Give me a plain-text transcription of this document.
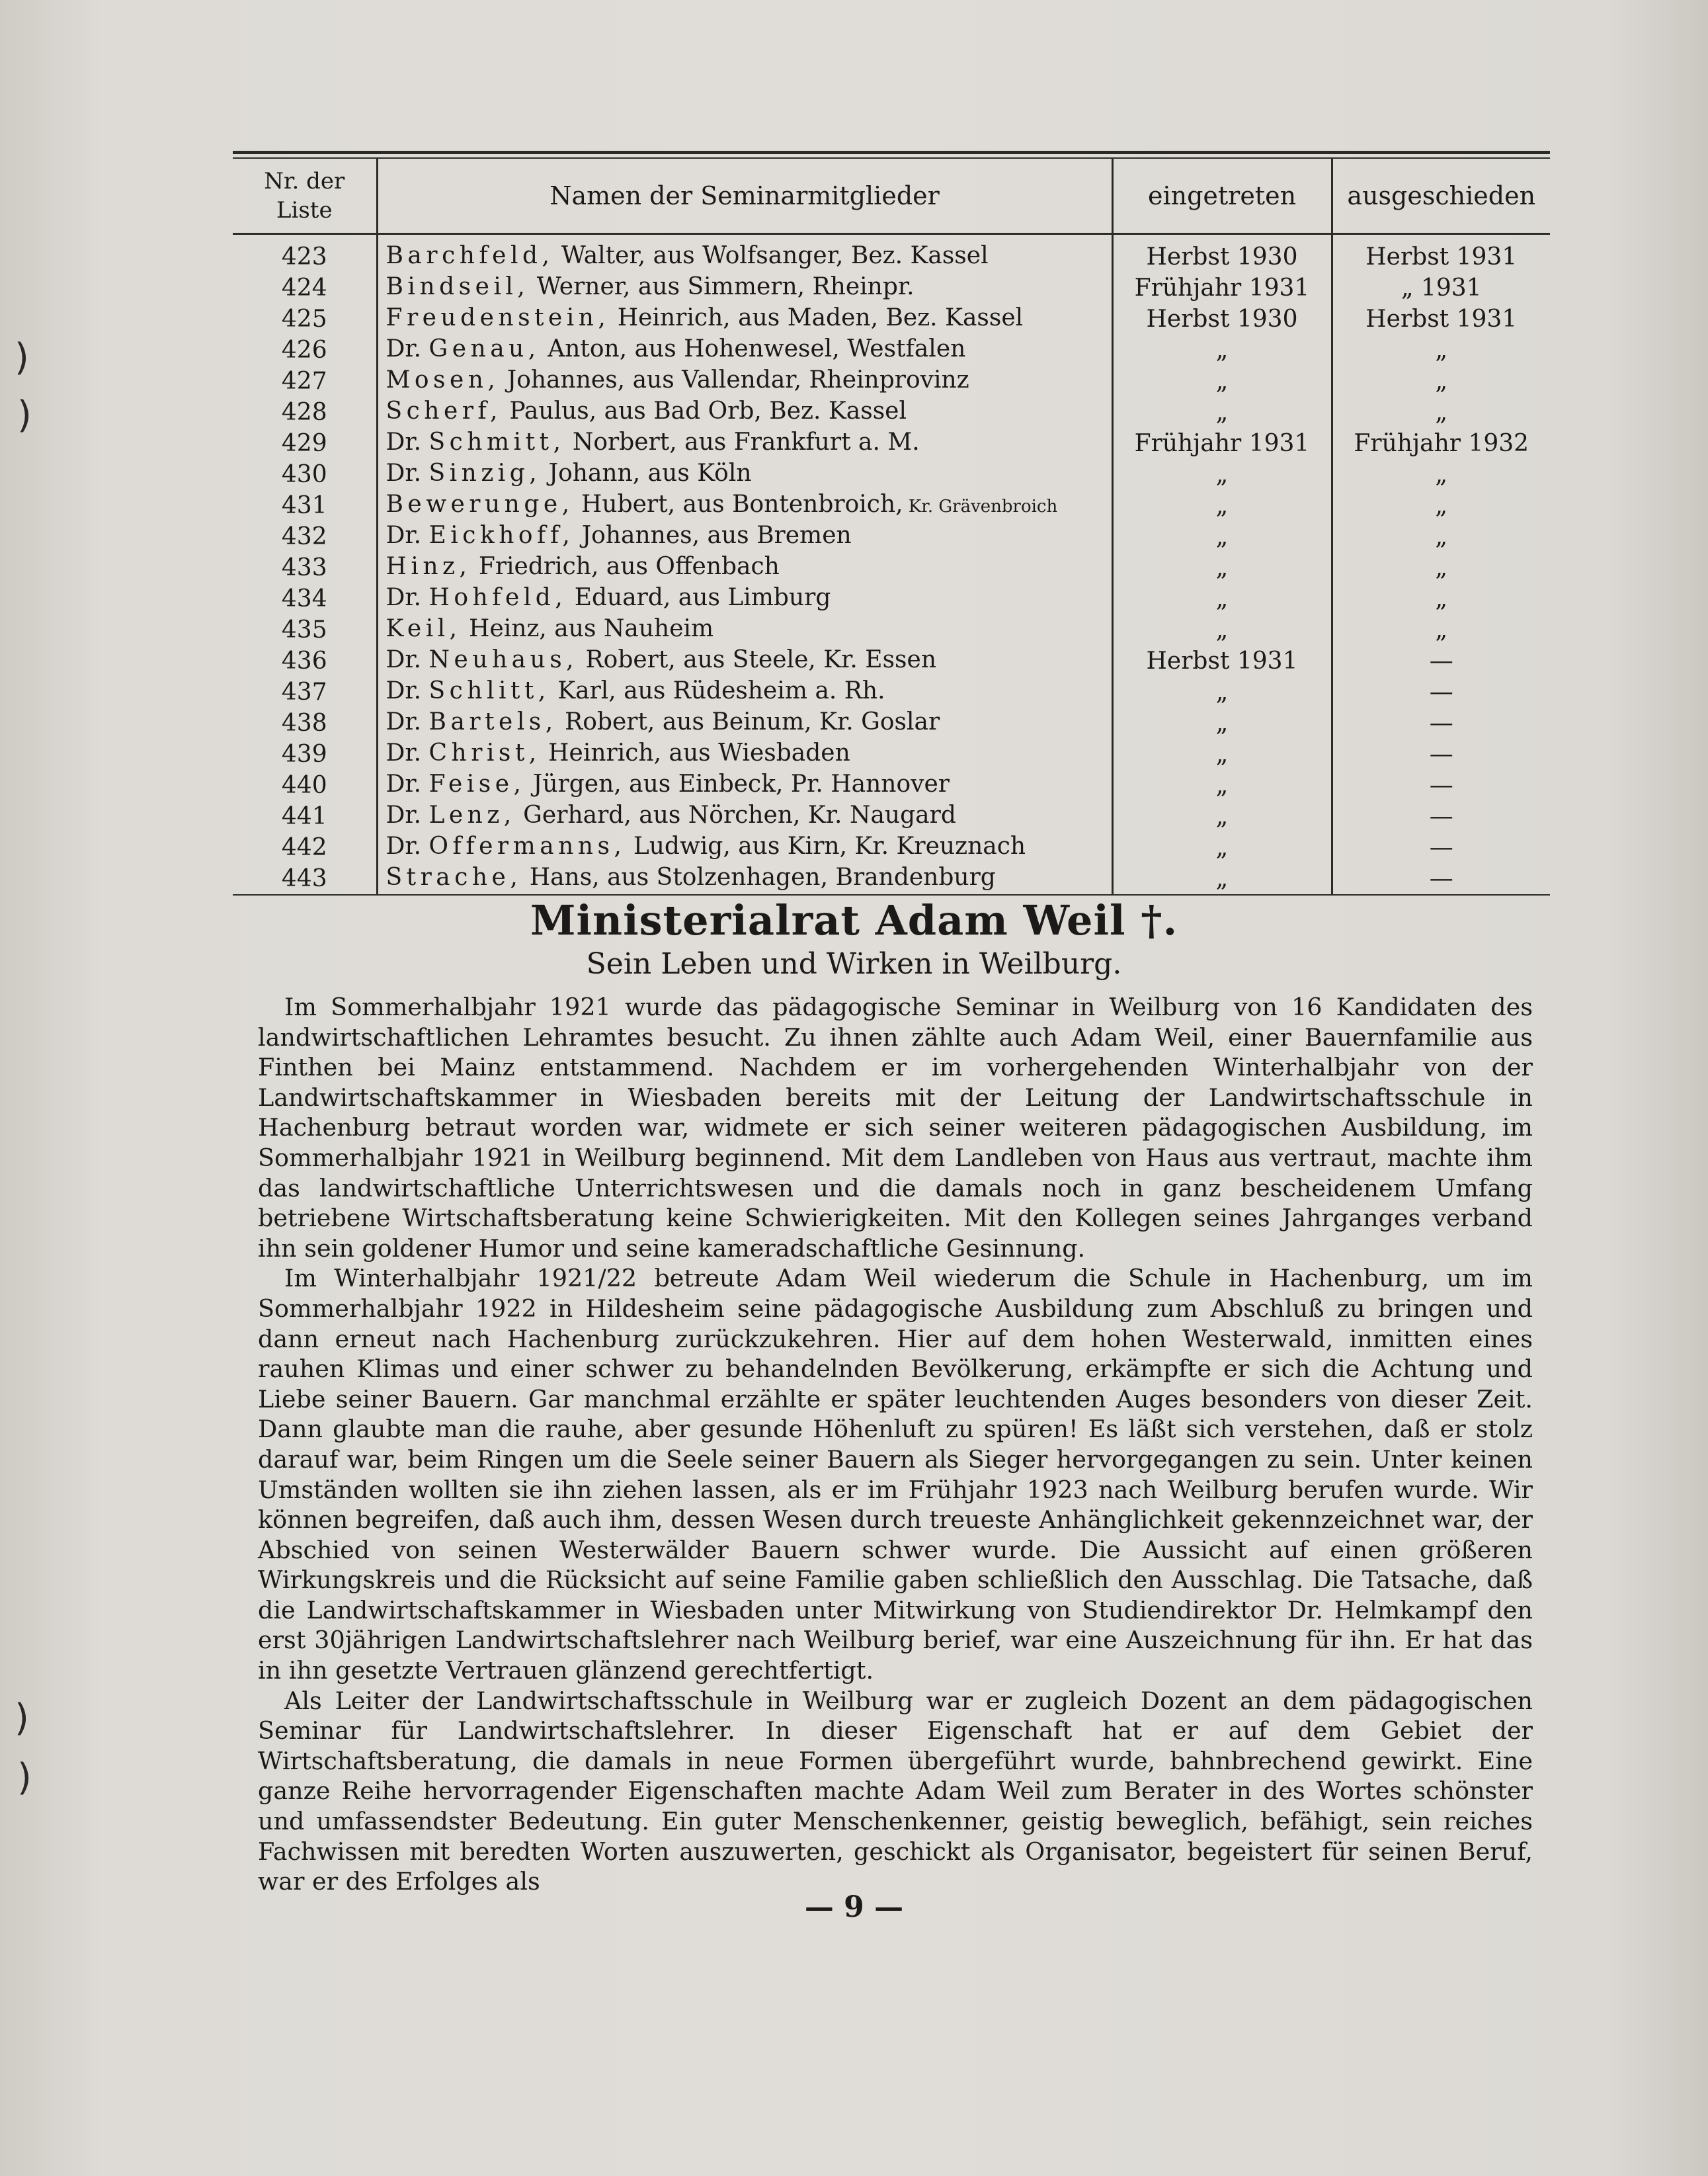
)
)
)
)
Nr. der Liste	Namen der Seminarmitglieder	eingetreten	ausgeschieden
423	Barchfeld, Walter, aus Wolfsanger, Bez. Kassel	Herbst 1930	Herbst 1931
424	Bindseil, Werner, aus Simmern, Rheinpr.	Frühjahr 1931	„ 1931
425	Freudenstein, Heinrich, aus Maden, Bez. Kassel	Herbst 1930	Herbst 1931
426	Dr. Genau, Anton, aus Hohenwesel, Westfalen	„	„
427	Mosen, Johannes, aus Vallendar, Rheinprovinz	„	„
428	Scherf, Paulus, aus Bad Orb, Bez. Kassel	„	„
429	Dr. Schmitt, Norbert, aus Frankfurt a. M.	Frühjahr 1931	Frühjahr 1932
430	Dr. Sinzig, Johann, aus Köln	„	„
431	Bewerunge, Hubert, aus Bontenbroich, Kr. Grävenbroich	„	„
432	Dr. Eickhoff, Johannes, aus Bremen	„	„
433	Hinz, Friedrich, aus Offenbach	„	„
434	Dr. Hohfeld, Eduard, aus Limburg	„	„
435	Keil, Heinz, aus Nauheim	„	„
436	Dr. Neuhaus, Robert, aus Steele, Kr. Essen	Herbst 1931	—
437	Dr. Schlitt, Karl, aus Rüdesheim a. Rh.	„	—
438	Dr. Bartels, Robert, aus Beinum, Kr. Goslar	„	—
439	Dr. Christ, Heinrich, aus Wiesbaden	„	—
440	Dr. Feise, Jürgen, aus Einbeck, Pr. Hannover	„	—
441	Dr. Lenz, Gerhard, aus Nörchen, Kr. Naugard	„	—
442	Dr. Offermanns, Ludwig, aus Kirn, Kr. Kreuznach	„	—
443	Strache, Hans, aus Stolzenhagen, Brandenburg	„	—
Ministerialrat Adam Weil †.
Sein Leben und Wirken in Weilburg.

Im Sommerhalbjahr 1921 wurde das pädagogische Seminar in Weilburg von 16 Kandidaten des landwirtschaftlichen Lehramtes besucht. Zu ihnen zählte auch Adam Weil, einer Bauernfamilie aus Finthen bei Mainz entstammend. Nachdem er im vorhergehenden Winterhalbjahr von der Landwirtschaftskammer in Wiesbaden bereits mit der Leitung der Landwirtschaftsschule in Hachenburg betraut worden war, widmete er sich seiner weiteren pädagogischen Ausbildung, im Sommerhalbjahr 1921 in Weilburg beginnend. Mit dem Landleben von Haus aus vertraut, machte ihm das landwirtschaftliche Unterrichtswesen und die damals noch in ganz bescheidenem Umfang betriebene Wirtschaftsberatung keine Schwierigkeiten. Mit den Kollegen seines Jahrganges verband ihn sein goldener Humor und seine kameradschaftliche Gesinnung.

Im Winterhalbjahr 1921/22 betreute Adam Weil wiederum die Schule in Hachenburg, um im Sommerhalbjahr 1922 in Hildesheim seine pädagogische Ausbildung zum Abschluß zu bringen und dann erneut nach Hachenburg zurückzukehren. Hier auf dem hohen Westerwald, inmitten eines rauhen Klimas und einer schwer zu behandelnden Bevölkerung, erkämpfte er sich die Achtung und Liebe seiner Bauern. Gar manchmal erzählte er später leuchtenden Auges besonders von dieser Zeit. Dann glaubte man die rauhe, aber gesunde Höhenluft zu spüren! Es läßt sich verstehen, daß er stolz darauf war, beim Ringen um die Seele seiner Bauern als Sieger hervorgegangen zu sein. Unter keinen Umständen wollten sie ihn ziehen lassen, als er im Frühjahr 1923 nach Weilburg berufen wurde. Wir können begreifen, daß auch ihm, dessen Wesen durch treueste Anhänglichkeit gekennzeichnet war, der Abschied von seinen Westerwälder Bauern schwer wurde. Die Aussicht auf einen größeren Wirkungskreis und die Rücksicht auf seine Familie gaben schließlich den Ausschlag. Die Tatsache, daß die Landwirtschaftskammer in Wiesbaden unter Mitwirkung von Studiendirektor Dr. Helmkampf den erst 30jährigen Landwirtschaftslehrer nach Weilburg berief, war eine Auszeichnung für ihn. Er hat das in ihn gesetzte Vertrauen glänzend gerechtfertigt.

Als Leiter der Landwirtschaftsschule in Weilburg war er zugleich Dozent an dem pädagogischen Seminar für Landwirtschaftslehrer. In dieser Eigenschaft hat er auf dem Gebiet der Wirtschaftsberatung, die damals in neue Formen übergeführt wurde, bahnbrechend gewirkt. Eine ganze Reihe hervorragender Eigenschaften machte Adam Weil zum Berater in des Wortes schönster und umfassendster Bedeutung. Ein guter Menschenkenner, geistig beweglich, befähigt, sein reiches Fachwissen mit beredten Worten auszuwerten, geschickt als Organisator, begeistert für seinen Beruf, war er des Erfolges als

— 9 —
